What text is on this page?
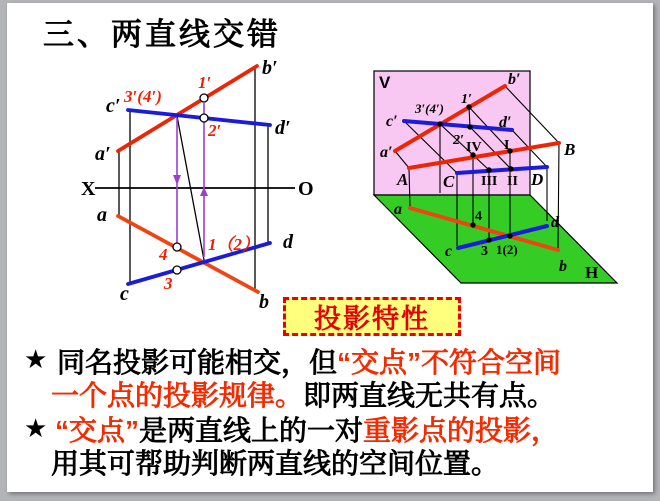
三、两直线交错
X	O
a′
b′
c′
d′
a
b
c
d
3′(4′)
1′
2′
4
3
1（2）
V
H
b′
c′	d′
a′
1′
2′
3′(4′)
A
B
C	D
I
II
III
IV
a
b
c
d
4
3 1(2)
投影特性
★ 同名投影可能相交，但“交点”不符合空间
一个点的投影规律。即两直线无共有点。
★ “交点”是两直线上的一对重影点的投影，
用其可帮助判断两直线的空间位置。
